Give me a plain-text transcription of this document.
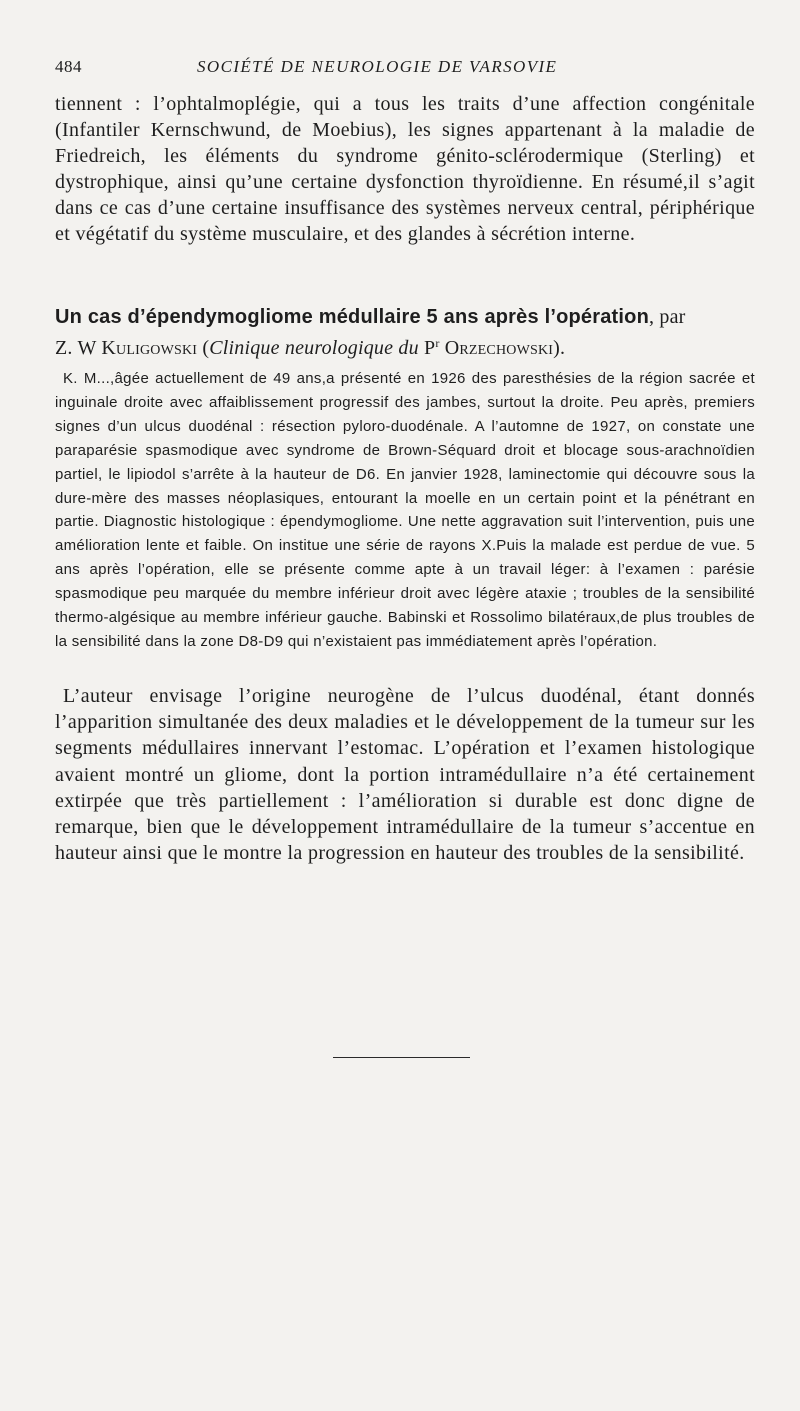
484	SOCIÉTÉ DE NEUROLOGIE DE VARSOVIE

tiennent : l’ophtalmoplégie, qui a tous les traits d’une affection congénitale (Infantiler Kernschwund, de Moebius), les signes appartenant à la maladie de Friedreich, les éléments du syndrome génito-sclérodermique (Sterling) et dystrophique, ainsi qu’une certaine dysfonction thyroïdienne. En résumé,il s’agit dans ce cas d’une certaine insuffisance des systèmes nerveux central, périphérique et végétatif du système musculaire, et des glandes à sécrétion interne.

Un cas d’épendymogliome médullaire 5 ans après l’opération, par
Z. W Kuligowski (Clinique neurologique du $P^r$ Orzechowski).

K. M...,âgée actuellement de 49 ans,a présenté en 1926 des paresthésies de la région sacrée et inguinale droite avec affaiblissement progressif des jambes, surtout la droite. Peu après, premiers signes d’un ulcus duodénal : résection pyloro-duodénale. A l’automne de 1927, on constate une paraparésie spasmodique avec syndrome de Brown-Séquard droit et blocage sous-arachnoïdien partiel, le lipiodol s’arrête à la hauteur de D6. En janvier 1928, laminectomie qui découvre sous la dure-mère des masses néoplasiques, entourant la moelle en un certain point et la pénétrant en partie. Diagnostic histologique : épendymogliome. Une nette aggravation suit l’intervention, puis une amélioration lente et faible. On institue une série de rayons X.Puis la malade est perdue de vue. 5 ans après l’opération, elle se présente comme apte à un travail léger: à l’examen : parésie spasmodique peu marquée du membre inférieur droit avec légère ataxie ; troubles de la sensibilité thermo-algésique au membre inférieur gauche. Babinski et Rossolimo bilatéraux,de plus troubles de la sensibilité dans la zone D8-D9 qui n’existaient pas immédiatement après l’opération.

L’auteur envisage l’origine neurogène de l’ulcus duodénal, étant donnés l’apparition simultanée des deux maladies et le développement de la tumeur sur les segments médullaires innervant l’estomac. L’opération et l’examen histologique avaient montré un gliome, dont la portion intramédullaire n’a été certainement extirpée que très partiellement : l’amélioration si durable est donc digne de remarque, bien que le développement intramédullaire de la tumeur s’accentue en hauteur ainsi que le montre la progression en hauteur des troubles de la sensibilité.
